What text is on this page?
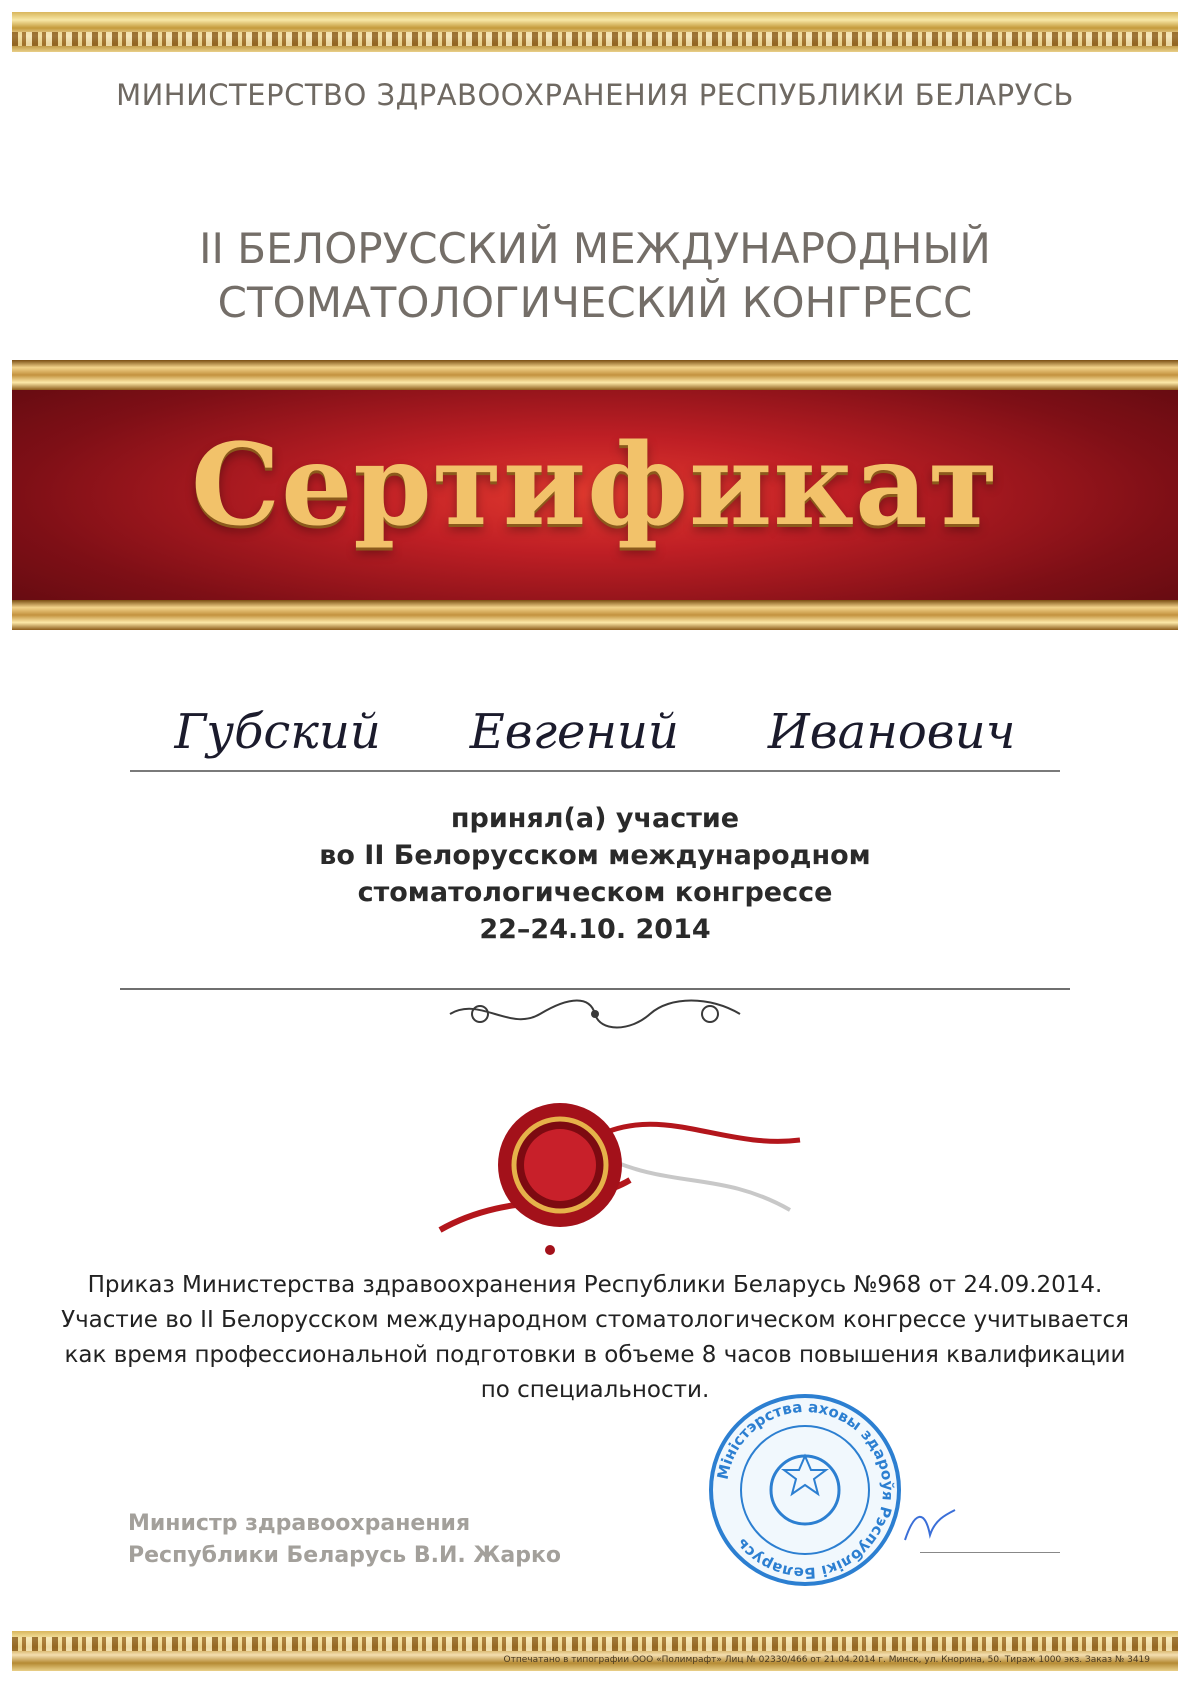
МИНИСТЕРСТВО ЗДРАВООХРАНЕНИЯ РЕСПУБЛИКИ БЕЛАРУСЬ
II БЕЛОРУССКИЙ МЕЖДУНАРОДНЫЙ
СТОМАТОЛОГИЧЕСКИЙ КОНГРЕСС
Сертификат
Губский Евгений Иванович
принял(а) участие
во II Белорусском международном
стоматологическом конгрессе
22–24.10. 2014
Приказ Министерства здравоохранения Республики Беларусь №968 от 24.09.2014.
Участие во II Белорусском международном стоматологическом конгрессе учитывается
как время профессиональной подготовки в объеме 8 часов повышения квалификации
по специальности.
Министр здравоохранения
Республики Беларусь В.И. Жарко
Міністэрства аховы здароўя Рэспублікі Беларусь
Отпечатано в типографии ООО «Полимрафт» Лиц № 02330/466 от 21.04.2014 г. Минск, ул. Кнорина, 50. Тираж 1000 экз. Заказ № 3419
